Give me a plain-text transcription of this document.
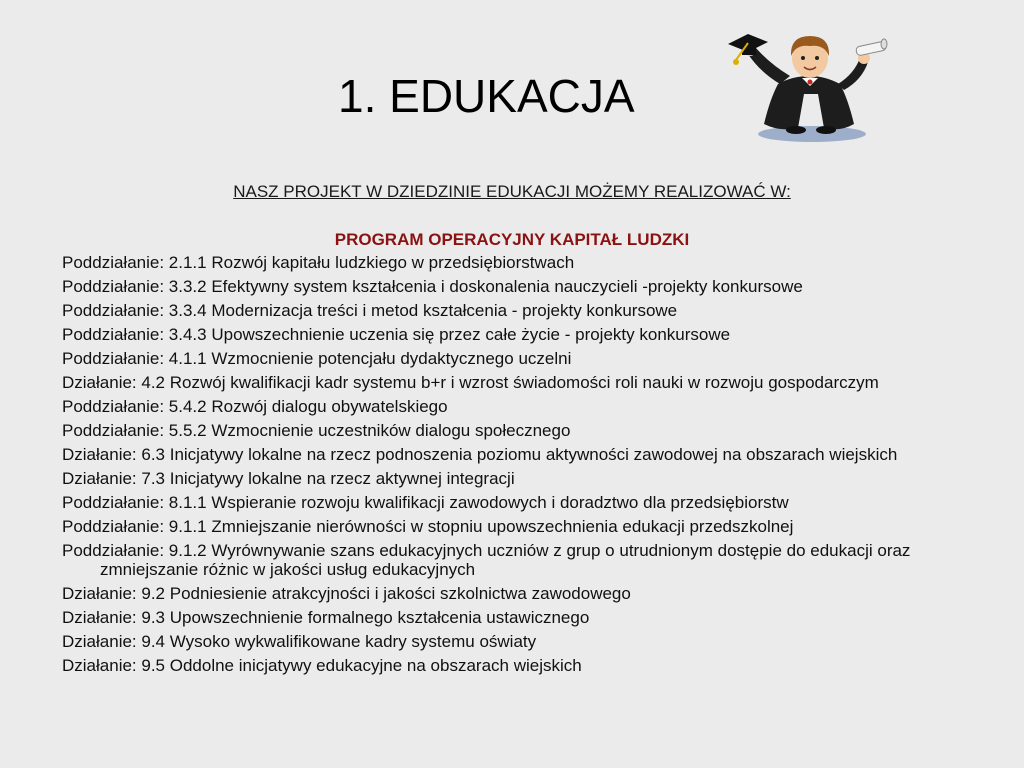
1. EDUKACJA
NASZ PROJEKT W DZIEDZINIE EDUKACJI MOŻEMY REALIZOWAĆ W:
PROGRAM OPERACYJNY KAPITAŁ LUDZKI
Poddziałanie: 2.1.1 Rozwój kapitału ludzkiego w przedsiębiorstwach
Poddziałanie: 3.3.2 Efektywny system kształcenia i doskonalenia nauczycieli -projekty konkursowe
Poddziałanie: 3.3.4 Modernizacja treści i metod kształcenia - projekty konkursowe
Poddziałanie: 3.4.3 Upowszechnienie uczenia się przez całe życie - projekty konkursowe
Poddziałanie: 4.1.1 Wzmocnienie potencjału dydaktycznego uczelni
Działanie: 4.2 Rozwój kwalifikacji kadr systemu b+r i wzrost świadomości roli nauki w rozwoju gospodarczym
Poddziałanie: 5.4.2 Rozwój dialogu obywatelskiego
Poddziałanie: 5.5.2 Wzmocnienie uczestników dialogu społecznego
Działanie: 6.3 Inicjatywy lokalne na rzecz podnoszenia poziomu aktywności zawodowej na obszarach wiejskich
Działanie: 7.3 Inicjatywy lokalne na rzecz aktywnej integracji
Poddziałanie: 8.1.1 Wspieranie rozwoju kwalifikacji zawodowych i doradztwo dla przedsiębiorstw
Poddziałanie: 9.1.1 Zmniejszanie nierówności w stopniu upowszechnienia edukacji przedszkolnej
Poddziałanie: 9.1.2 Wyrównywanie szans edukacyjnych uczniów z grup o utrudnionym dostępie do edukacji oraz zmniejszanie różnic w jakości usług edukacyjnych
Działanie: 9.2 Podniesienie atrakcyjności i jakości szkolnictwa zawodowego
Działanie: 9.3 Upowszechnienie formalnego kształcenia ustawicznego
Działanie: 9.4 Wysoko wykwalifikowane kadry systemu oświaty
Działanie: 9.5 Oddolne inicjatywy edukacyjne na obszarach wiejskich
